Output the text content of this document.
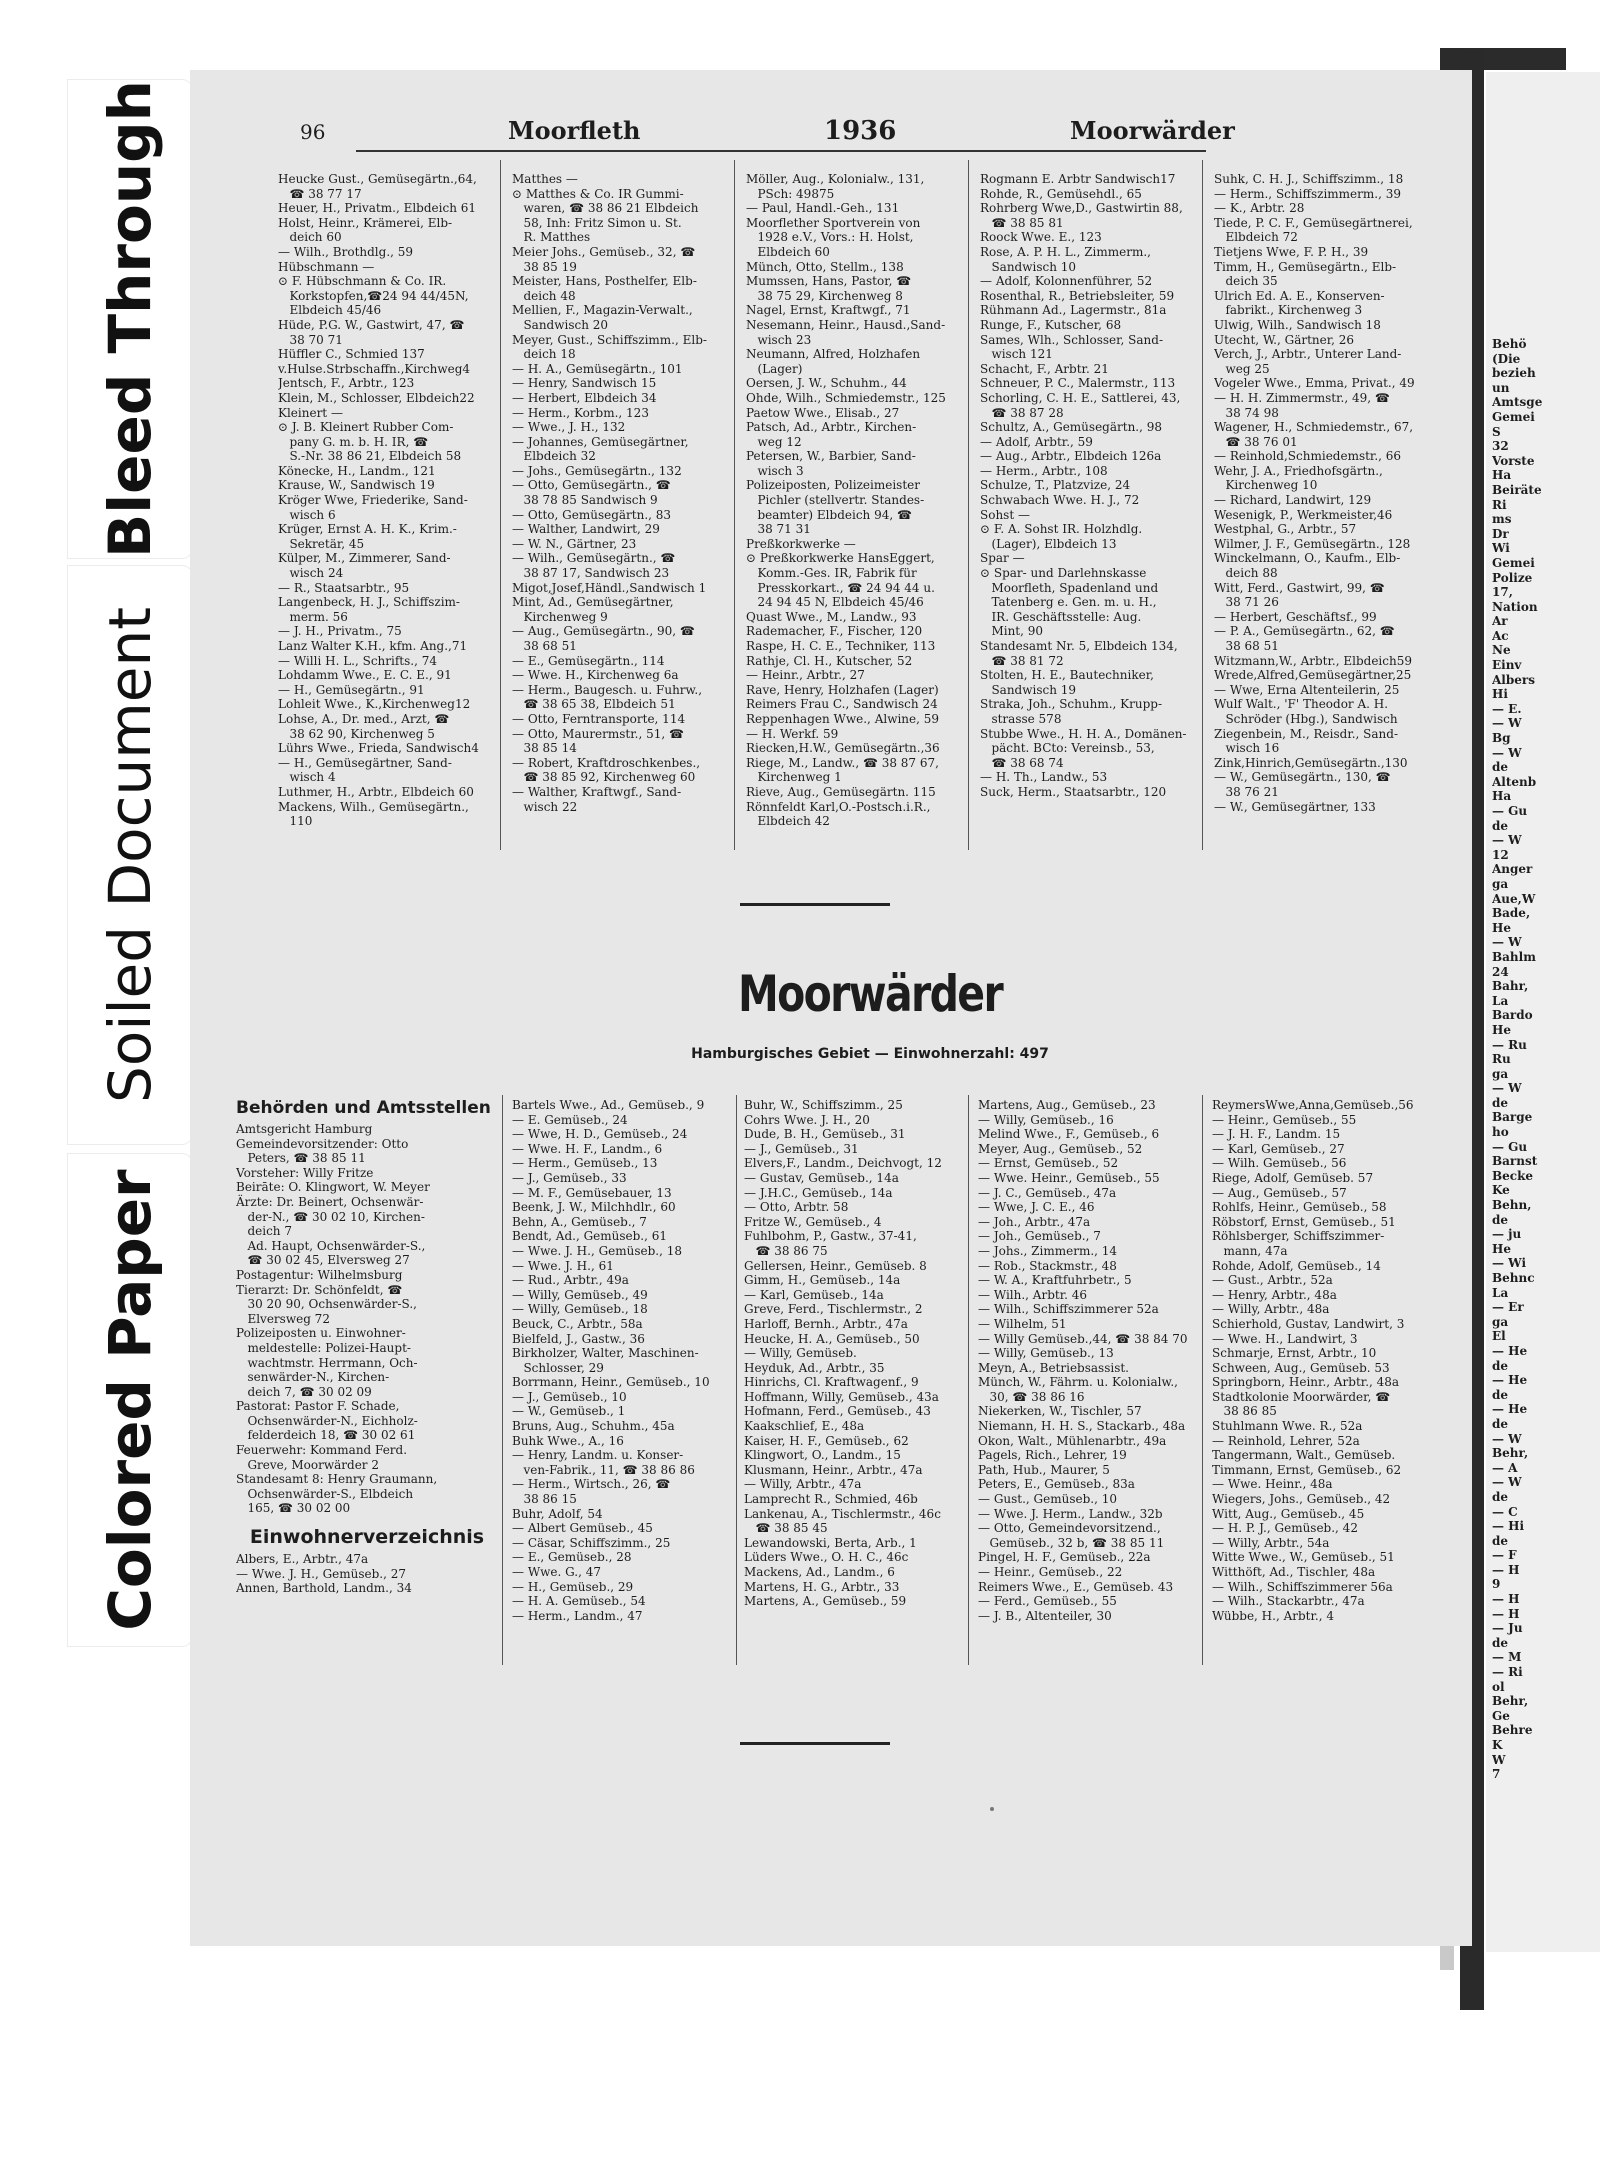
Bleed Through
Soiled Document
Colored Paper
Behö
(Die
bezieh
un
Amtsge
Gemei
S
32
Vorste
Ha
Beiräte
Ri
ms
Dr
Wi
Gemei
Polize
17,
Nation
Ar
Ac
Ne
Einv
Albers
Hi
— E.
— W
Bg
— W
de
Altenb
Ha
— Gu
de
— W
12
Anger
ga
Aue,W
Bade,
He
— W
Bahlm
24
Bahr,
La
Bardo
He
— Ru
Ru
ga
— W
de
Barge
ho
— Gu
Barnst
Becke
Ke
Behn,
de
— ju
He
— Wi
Behnc
La
— Er
ga
El
— He
de
— He
de
— He
de
— W
Behr,
— A
— W
de
— C
— Hi
de
— F
— H
9
— H
— H
— Ju
de
— M
— Ri
ol
Behr,
Ge
Behre
K
W
7
96	Moorfleth	1936	Moorwärder
Heucke Gust., Gemüsegärtn.,64,
☎ 38 77 17
Heuer, H., Privatm., Elbdeich 61
Holst, Heinr., Krämerei, Elb-
deich 60
— Wilh., Brothdlg., 59
Hübschmann —
⊙ F. Hübschmann & Co. IR.
Korkstopfen,☎24 94 44/45N,
Elbdeich 45/46
Hüde, P.G. W., Gastwirt, 47, ☎
38 70 71
Hüffler C., Schmied 137
v.Hulse.Strbschaffn.,Kirchweg4
Jentsch, F., Arbtr., 123
Klein, M., Schlosser, Elbdeich22
Kleinert —
⊙ J. B. Kleinert Rubber Com-
pany G. m. b. H. IR, ☎
S.-Nr. 38 86 21, Elbdeich 58
Könecke, H., Landm., 121
Krause, W., Sandwisch 19
Kröger Wwe, Friederike, Sand-
wisch 6
Krüger, Ernst A. H. K., Krim.-
Sekretär, 45
Külper, M., Zimmerer, Sand-
wisch 24
— R., Staatsarbtr., 95
Langenbeck, H. J., Schiffszim-
merm. 56
— J. H., Privatm., 75
Lanz Walter K.H., kfm. Ang.,71
— Willi H. L., Schrifts., 74
Lohdamm Wwe., E. C. E., 91
— H., Gemüsegärtn., 91
Lohleit Wwe., K.,Kirchenweg12
Lohse, A., Dr. med., Arzt, ☎
38 62 90, Kirchenweg 5
Lührs Wwe., Frieda, Sandwisch4
— H., Gemüsegärtner, Sand-
wisch 4
Luthmer, H., Arbtr., Elbdeich 60
Mackens, Wilh., Gemüsegärtn.,
110
Matthes —
⊙ Matthes & Co. IR Gummi-
waren, ☎ 38 86 21 Elbdeich
58, Inh: Fritz Simon u. St.
R. Matthes
Meier Johs., Gemüseb., 32, ☎
38 85 19
Meister, Hans, Posthelfer, Elb-
deich 48
Mellien, F., Magazin-Verwalt.,
Sandwisch 20
Meyer, Gust., Schiffszimm., Elb-
deich 18
— H. A., Gemüsegärtn., 101
— Henry, Sandwisch 15
— Herbert, Elbdeich 34
— Herm., Korbm., 123
— Wwe., J. H., 132
— Johannes, Gemüsegärtner,
Elbdeich 32
— Johs., Gemüsegärtn., 132
— Otto, Gemüsegärtn., ☎
38 78 85 Sandwisch 9
— Otto, Gemüsegärtn., 83
— Walther, Landwirt, 29
— W. N., Gärtner, 23
— Wilh., Gemüsegärtn., ☎
38 87 17, Sandwisch 23
Migot,Josef,Händl.,Sandwisch 1
Mint, Ad., Gemüsegärtner,
Kirchenweg 9
— Aug., Gemüsegärtn., 90, ☎
38 68 51
— E., Gemüsegärtn., 114
— Wwe. H., Kirchenweg 6a
— Herm., Baugesch. u. Fuhrw.,
☎ 38 65 38, Elbdeich 51
— Otto, Ferntransporte, 114
— Otto, Maurermstr., 51, ☎
38 85 14
— Robert, Kraftdroschkenbes.,
☎ 38 85 92, Kirchenweg 60
— Walther, Kraftwgf., Sand-
wisch 22
Möller, Aug., Kolonialw., 131,
PSch: 49875
— Paul, Handl.-Geh., 131
Moorflether Sportverein von
1928 e.V., Vors.: H. Holst,
Elbdeich 60
Münch, Otto, Stellm., 138
Mumssen, Hans, Pastor, ☎
38 75 29, Kirchenweg 8
Nagel, Ernst, Kraftwgf., 71
Nesemann, Heinr., Hausd.,Sand-
wisch 23
Neumann, Alfred, Holzhafen
(Lager)
Oersen, J. W., Schuhm., 44
Ohde, Wilh., Schmiedemstr., 125
Paetow Wwe., Elisab., 27
Patsch, Ad., Arbtr., Kirchen-
weg 12
Petersen, W., Barbier, Sand-
wisch 3
Polizeiposten, Polizeimeister
Pichler (stellvertr. Standes-
beamter) Elbdeich 94, ☎
38 71 31
Preßkorkwerke —
⊙ Preßkorkwerke HansEggert,
Komm.-Ges. IR, Fabrik für
Presskorkart., ☎ 24 94 44 u.
24 94 45 N, Elbdeich 45/46
Quast Wwe., M., Landw., 93
Rademacher, F., Fischer, 120
Raspe, H. C. E., Techniker, 113
Rathje, Cl. H., Kutscher, 52
— Heinr., Arbtr., 27
Rave, Henry, Holzhafen (Lager)
Reimers Frau C., Sandwisch 24
Reppenhagen Wwe., Alwine, 59
— H. Werkf. 59
Riecken,H.W., Gemüsegärtn.,36
Riege, M., Landw., ☎ 38 87 67,
Kirchenweg 1
Rieve, Aug., Gemüsegärtn. 115
Rönnfeldt Karl,O.-Postsch.i.R.,
Elbdeich 42
Rogmann E. Arbtr Sandwisch17
Rohde, R., Gemüsehdl., 65
Rohrberg Wwe,D., Gastwirtin 88,
☎ 38 85 81
Roock Wwe. E., 123
Rose, A. P. H. L., Zimmerm.,
Sandwisch 10
— Adolf, Kolonnenführer, 52
Rosenthal, R., Betriebsleiter, 59
Rühmann Ad., Lagermstr., 81a
Runge, F., Kutscher, 68
Sames, Wlh., Schlosser, Sand-
wisch 121
Schacht, F., Arbtr. 21
Schneuer, P. C., Malermstr., 113
Schorling, C. H. E., Sattlerei, 43,
☎ 38 87 28
Schultz, A., Gemüsegärtn., 98
— Adolf, Arbtr., 59
— Aug., Arbtr., Elbdeich 126a
— Herm., Arbtr., 108
Schulze, T., Platzvize, 24
Schwabach Wwe. H. J., 72
Sohst —
⊙ F. A. Sohst IR. Holzhdlg.
(Lager), Elbdeich 13
Spar —
⊙ Spar- und Darlehnskasse
Moorfleth, Spadenland und
Tatenberg e. Gen. m. u. H.,
IR. Geschäftsstelle: Aug.
Mint, 90
Standesamt Nr. 5, Elbdeich 134,
☎ 38 81 72
Stolten, H. E., Bautechniker,
Sandwisch 19
Straka, Joh., Schuhm., Krupp-
strasse 578
Stubbe Wwe., H. H. A., Domänen-
pächt. BCto: Vereinsb., 53,
☎ 38 68 74
— H. Th., Landw., 53
Suck, Herm., Staatsarbtr., 120
Suhk, C. H. J., Schiffszimm., 18
— Herm., Schiffszimmerm., 39
— K., Arbtr. 28
Tiede, P. C. F., Gemüsegärtnerei,
Elbdeich 72
Tietjens Wwe, F. P. H., 39
Timm, H., Gemüsegärtn., Elb-
deich 35
Ulrich Ed. A. E., Konserven-
fabrikt., Kirchenweg 3
Ulwig, Wilh., Sandwisch 18
Utecht, W., Gärtner, 26
Verch, J., Arbtr., Unterer Land-
weg 25
Vogeler Wwe., Emma, Privat., 49
— H. H. Zimmermstr., 49, ☎
38 74 98
Wagener, H., Schmiedemstr., 67,
☎ 38 76 01
— Reinhold,Schmiedemstr., 66
Wehr, J. A., Friedhofsgärtn.,
Kirchenweg 10
— Richard, Landwirt, 129
Wesenigk, P., Werkmeister,46
Westphal, G., Arbtr., 57
Wilmer, J. F., Gemüsegärtn., 128
Winckelmann, O., Kaufm., Elb-
deich 88
Witt, Ferd., Gastwirt, 99, ☎
38 71 26
— Herbert, Geschäftsf., 99
— P. A., Gemüsegärtn., 62, ☎
38 68 51
Witzmann,W., Arbtr., Elbdeich59
Wrede,Alfred,Gemüsegärtner,25
— Wwe, Erna Altenteilerin, 25
Wulf Walt., 'F' Theodor A. H.
Schröder (Hbg.), Sandwisch
Ziegenbein, M., Reisdr., Sand-
wisch 16
Zink,Hinrich,Gemüsegärtn.,130
— W., Gemüsegärtn., 130, ☎
38 76 21
— W., Gemüsegärtner, 133
Moorwärder
Hamburgisches Gebiet — Einwohnerzahl: 497
Behörden und Amtsstellen
Amtsgericht Hamburg
Gemeindevorsitzender: Otto
Peters, ☎ 38 85 11
Vorsteher: Willy Fritze
Beirāte: O. Klingwort, W. Meyer
Ärzte: Dr. Beinert, Ochsenwär-
der-N., ☎ 30 02 10, Kirchen-
deich 7
Ad. Haupt, Ochsenwärder-S.,
☎ 30 02 45, Elversweg 27
Postagentur: Wilhelmsburg
Tierarzt: Dr. Schönfeldt, ☎
30 20 90, Ochsenwärder-S.,
Elversweg 72
Polizeiposten u. Einwohner-
meldestelle: Polizei-Haupt-
wachtmstr. Herrmann, Och-
senwärder-N., Kirchen-
deich 7, ☎ 30 02 09
Pastorat: Pastor F. Schade,
Ochsenwärder-N., Eichholz-
felderdeich 18, ☎ 30 02 61
Feuerwehr: Kommand Ferd.
Greve, Moorwärder 2
Standesamt 8: Henry Graumann,
Ochsenwärder-S., Elbdeich
165, ☎ 30 02 00
Einwohnerverzeichnis
Albers, E., Arbtr., 47a
— Wwe. J. H., Gemüseb., 27
Annen, Barthold, Landm., 34
Bartels Wwe., Ad., Gemüseb., 9
— E. Gemüseb., 24
— Wwe, H. D., Gemüseb., 24
— Wwe. H. F., Landm., 6
— Herm., Gemüseb., 13
— J., Gemüseb., 33
— M. F., Gemüsebauer, 13
Beenk, J. W., Milchhdlr., 60
Behn, A., Gemüseb., 7
Bendt, Ad., Gemüseb., 61
— Wwe. J. H., Gemüseb., 18
— Wwe. J. H., 61
— Rud., Arbtr., 49a
— Willy, Gemüseb., 49
— Willy, Gemüseb., 18
Beuck, C., Arbtr., 58a
Bielfeld, J., Gastw., 36
Birkholzer, Walter, Maschinen-
Schlosser, 29
Borrmann, Heinr., Gemüseb., 10
— J., Gemüseb., 10
— W., Gemüseb., 1
Bruns, Aug., Schuhm., 45a
Buhk Wwe., A., 16
— Henry, Landm. u. Konser-
ven-Fabrik., 11, ☎ 38 86 86
— Herm., Wirtsch., 26, ☎
38 86 15
Buhr, Adolf, 54
— Albert Gemüseb., 45
— Cäsar, Schiffszimm., 25
— E., Gemüseb., 28
— Wwe. G., 47
— H., Gemüseb., 29
— H. A. Gemüseb., 54
— Herm., Landm., 47
Buhr, W., Schiffszimm., 25
Cohrs Wwe. J. H., 20
Dude, B. H., Gemüseb., 31
— J., Gemüseb., 31
Elvers,F., Landm., Deichvogt, 12
— Gustav, Gemüseb., 14a
— J.H.C., Gemüseb., 14a
— Otto, Arbtr. 58
Fritze W., Gemüseb., 4
Fuhlbohm, P., Gastw., 37-41,
☎ 38 86 75
Gellersen, Heinr., Gemüseb. 8
Gimm, H., Gemüseb., 14a
— Karl, Gemüseb., 14a
Greve, Ferd., Tischlermstr., 2
Harloff, Bernh., Arbtr., 47a
Heucke, H. A., Gemüseb., 50
— Willy, Gemüseb.
Heyduk, Ad., Arbtr., 35
Hinrichs, Cl. Kraftwagenf., 9
Hoffmann, Willy, Gemüseb., 43a
Hofmann, Ferd., Gemüseb., 43
Kaakschlief, E., 48a
Kaiser, H. F., Gemüseb., 62
Klingwort, O., Landm., 15
Klusmann, Heinr., Arbtr., 47a
— Willy, Arbtr., 47a
Lamprecht R., Schmied, 46b
Lankenau, A., Tischlermstr., 46c
☎ 38 85 45
Lewandowski, Berta, Arb., 1
Lüders Wwe., O. H. C., 46c
Mackens, Ad., Landm., 6
Martens, H. G., Arbtr., 33
Martens, A., Gemüseb., 59
Martens, Aug., Gemüseb., 23
— Willy, Gemüseb., 16
Melind Wwe., F., Gemüseb., 6
Meyer, Aug., Gemüseb., 52
— Ernst, Gemüseb., 52
— Wwe. Heinr., Gemüseb., 55
— J. C., Gemüseb., 47a
— Wwe, J. C. E., 46
— Joh., Arbtr., 47a
— Joh., Gemüseb., 7
— Johs., Zimmerm., 14
— Rob., Stackmstr., 48
— W. A., Kraftfuhrbetr., 5
— Wilh., Arbtr. 46
— Wilh., Schiffszimmerer 52a
— Wilhelm, 51
— Willy Gemüseb.,44, ☎ 38 84 70
— Willy, Gemüseb., 13
Meyn, A., Betriebsassist.
Münch, W., Fährm. u. Kolonialw.,
30, ☎ 38 86 16
Niekerken, W., Tischler, 57
Niemann, H. H. S., Stackarb., 48a
Okon, Walt., Mühlenarbtr., 49a
Pagels, Rich., Lehrer, 19
Path, Hub., Maurer, 5
Peters, E., Gemüseb., 83a
— Gust., Gemüseb., 10
— Wwe. J. Herm., Landw., 32b
— Otto, Gemeindevorsitzend.,
Gemüseb., 32 b, ☎ 38 85 11
Pingel, H. F., Gemüseb., 22a
— Heinr., Gemüseb., 22
Reimers Wwe., E., Gemüseb. 43
— Ferd., Gemüseb., 55
— J. B., Altenteiler, 30
ReymersWwe,Anna,Gemüseb.,56
— Heinr., Gemüseb., 55
— J. H. F., Landm. 15
— Karl, Gemüseb., 27
— Wilh. Gemüseb., 56
Riege, Adolf, Gemüseb. 57
— Aug., Gemüseb., 57
Rohlfs, Heinr., Gemüseb., 58
Röbstorf, Ernst, Gemüseb., 51
Röhlsberger, Schiffszimmer-
mann, 47a
Rohde, Adolf, Gemüseb., 14
— Gust., Arbtr., 52a
— Henry, Arbtr., 48a
— Willy, Arbtr., 48a
Schierhold, Gustav, Landwirt, 3
— Wwe. H., Landwirt, 3
Schmarje, Ernst, Arbtr., 10
Schween, Aug., Gemüseb. 53
Springborn, Heinr., Arbtr., 48a
Stadtkolonie Moorwärder, ☎
38 86 85
Stuhlmann Wwe. R., 52a
— Reinhold, Lehrer, 52a
Tangermann, Walt., Gemüseb.
Timmann, Ernst, Gemüseb., 62
— Wwe. Heinr., 48a
Wiegers, Johs., Gemüseb., 42
Witt, Aug., Gemüseb., 45
— H. P. J., Gemüseb., 42
— Willy, Arbtr., 54a
Witte Wwe., W., Gemüseb., 51
Witthöft, Ad., Tischler, 48a
— Wilh., Schiffszimmerer 56a
— Wilh., Stackarbtr., 47a
Wübbe, H., Arbtr., 4
